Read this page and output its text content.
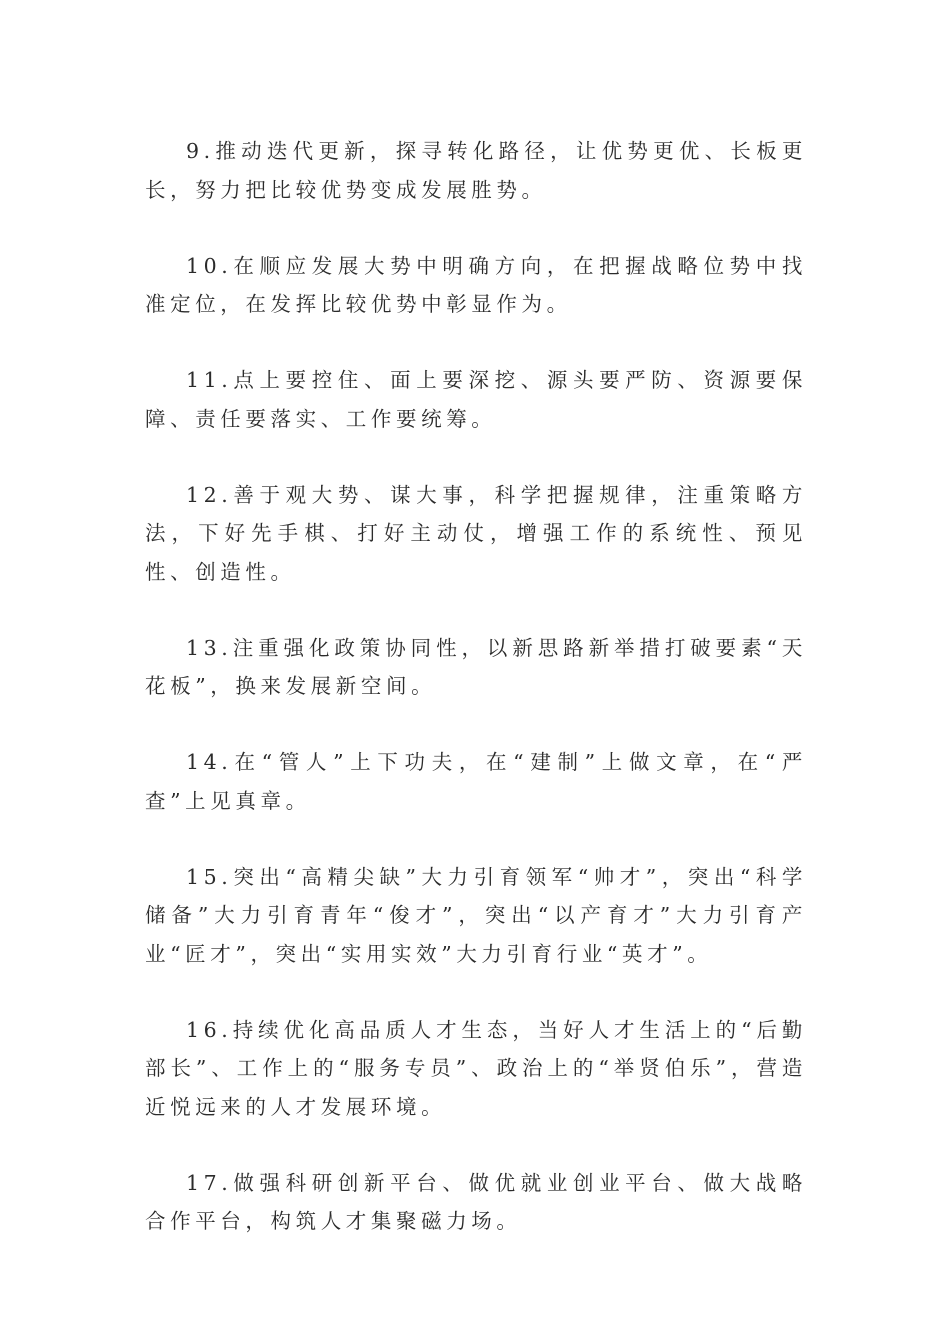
9.推动迭代更新，探寻转化路径，让优势更优、长板更长，努力把比较优势变成发展胜势。

10.在顺应发展大势中明确方向，在把握战略位势中找准定位，在发挥比较优势中彰显作为。

11.点上要控住、面上要深挖、源头要严防、资源要保障、责任要落实、工作要统筹。

12.善于观大势、谋大事，科学把握规律，注重策略方法，下好先手棋、打好主动仗，增强工作的系统性、预见性、创造性。

13.注重强化政策协同性，以新思路新举措打破要素“天花板”，换来发展新空间。

14.在“管人”上下功夫，在“建制”上做文章，在“严查”上见真章。

15.突出“高精尖缺”大力引育领军“帅才”，突出“科学储备”大力引育青年“俊才”，突出“以产育才”大力引育产业“匠才”，突出“实用实效”大力引育行业“英才”。

16.持续优化高品质人才生态，当好人才生活上的“后勤部长”、工作上的“服务专员”、政治上的“举贤伯乐”，营造近悦远来的人才发展环境。

17.做强科研创新平台、做优就业创业平台、做大战略合作平台，构筑人才集聚磁力场。
